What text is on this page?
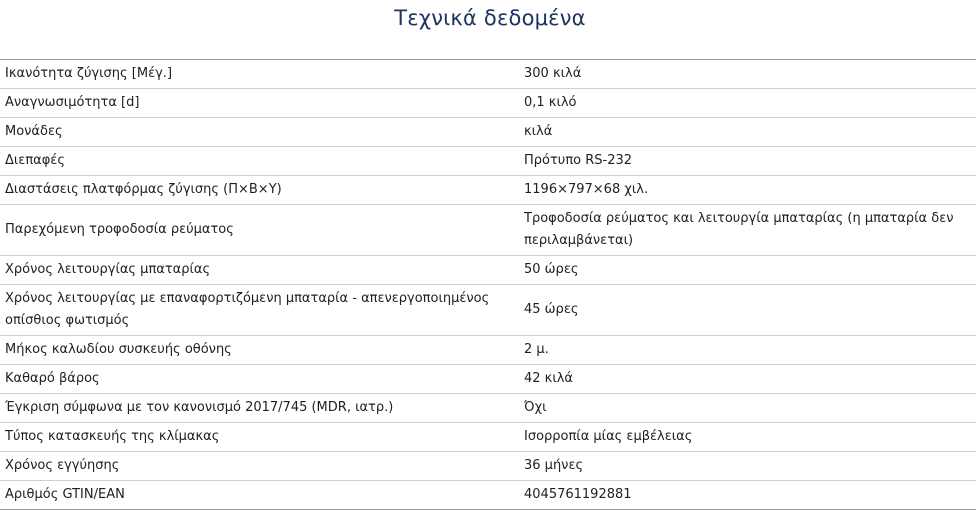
Τεχνικά δεδομένα
Ικανότητα ζύγισης [Μέγ.]	300 κιλά
Αναγνωσιμότητα [d]	0,1 κιλό
Μονάδες	κιλά
Διεπαφές	Πρότυπο RS-232
Διαστάσεις πλατφόρμας ζύγισης (Π×Β×Υ)	1196×797×68 χιλ.
Παρεχόμενη τροφοδοσία ρεύματος	Τροφοδοσία ρεύματος και λειτουργία μπαταρίας (η μπαταρία δεν περιλαμβάνεται)
Χρόνος λειτουργίας μπαταρίας	50 ώρες
Χρόνος λειτουργίας με επαναφορτιζόμενη μπαταρία - απενεργοποιημένος οπίσθιος φωτισμός	45 ώρες
Μήκος καλωδίου συσκευής οθόνης	2 μ.
Καθαρό βάρος	42 κιλά
Έγκριση σύμφωνα με τον κανονισμό 2017/745 (MDR, ιατρ.)	Όχι
Τύπος κατασκευής της κλίμακας	Ισορροπία μίας εμβέλειας
Χρόνος εγγύησης	36 μήνες
Αριθμός GTIN/EAN	4045761192881
